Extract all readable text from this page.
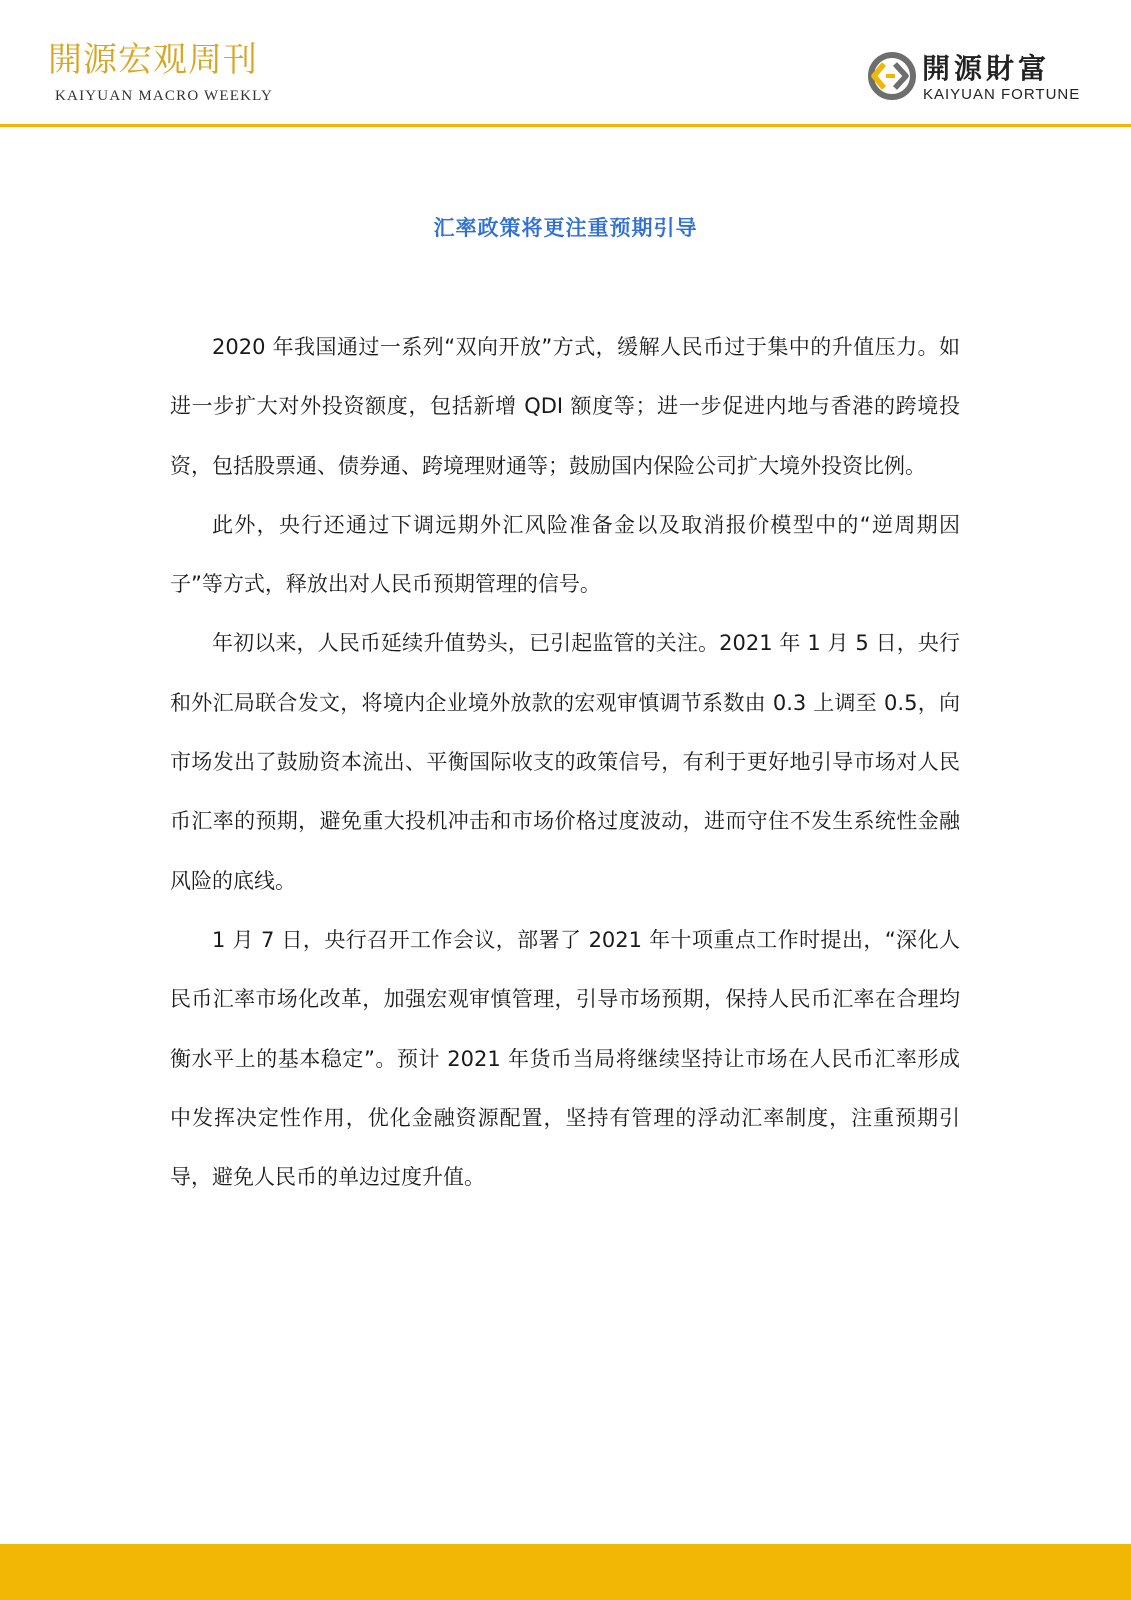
開源宏观周刊
KAIYUAN MACRO WEEKLY
開源財富
KAIYUAN FORTUNE
汇率政策将更注重预期引导

2020 年我国通过一系列“双向开放”方式，缓解人民币过于集中的升值压力。如进一步扩大对外投资额度，包括新增 QDI 额度等；进一步促进内地与香港的跨境投资，包括股票通、债券通、跨境理财通等；鼓励国内保险公司扩大境外投资比例。

此外，央行还通过下调远期外汇风险准备金以及取消报价模型中的“逆周期因子”等方式，释放出对人民币预期管理的信号。

年初以来，人民币延续升值势头，已引起监管的关注。2021 年 1 月 5 日，央行和外汇局联合发文，将境内企业境外放款的宏观审慎调节系数由 0.3 上调至 0.5，向市场发出了鼓励资本流出、平衡国际收支的政策信号，有利于更好地引导市场对人民币汇率的预期，避免重大投机冲击和市场价格过度波动，进而守住不发生系统性金融风险的底线。

1 月 7 日，央行召开工作会议，部署了 2021 年十项重点工作时提出，“深化人民币汇率市场化改革，加强宏观审慎管理，引导市场预期，保持人民币汇率在合理均衡水平上的基本稳定”。预计 2021 年货币当局将继续坚持让市场在人民币汇率形成中发挥决定性作用，优化金融资源配置，坚持有管理的浮动汇率制度，注重预期引导，避免人民币的单边过度升值。
